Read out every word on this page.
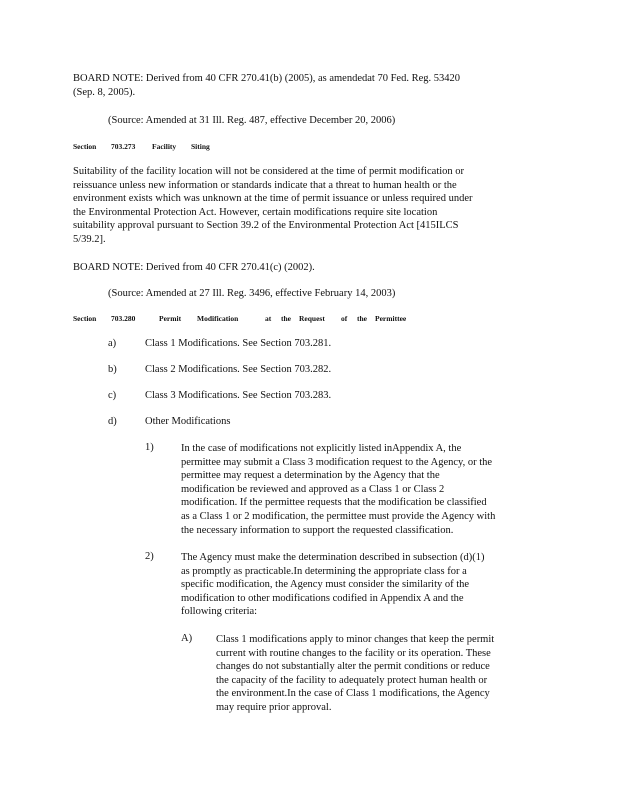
BOARD NOTE: Derived from 40 CFR 270.41(b) (2005), as amendedat 70 Fed. Reg. 53420
(Sep. 8, 2005).
(Source: Amended at 31 Ill. Reg. 487, effective December 20, 2006)
Section 703.273 Facility Siting
Suitability of the facility location will not be considered at the time of permit modification or
reissuance unless new information or standards indicate that a threat to human health or the
environment exists which was unknown at the time of permit issuance or unless required under
the Environmental Protection Act. However, certain modifications require site location
suitability approval pursuant to Section 39.2 of the Environmental Protection Act [415ILCS
5/39.2].
BOARD NOTE: Derived from 40 CFR 270.41(c) (2002).
(Source: Amended at 27 Ill. Reg. 3496, effective February 14, 2003)
Section 703.280	Permit Modification	at the Request of the Permittee
a)	Class 1 Modifications. See Section 703.281.
b)	Class 2 Modifications. See Section 703.282.
c)	Class 3 Modifications. See Section 703.283.
d)	Other Modifications
1)	In the case of modifications not explicitly listed inAppendix A, the
permittee may submit a Class 3 modification request to the Agency, or the
permittee may request a determination by the Agency that the
modification be reviewed and approved as a Class 1 or Class 2
modification. If the permittee requests that the modification be classified
as a Class 1 or 2 modification, the permittee must provide the Agency with
the necessary information to support the requested classification.
2)	The Agency must make the determination described in subsection (d)(1)
as promptly as practicable.In determining the appropriate class for a
specific modification, the Agency must consider the similarity of the
modification to other modifications codified in Appendix A and the
following criteria:
A) Class 1 modifications apply to minor changes that keep the permit
current with routine changes to the facility or its operation. These
changes do not substantially alter the permit conditions or reduce
the capacity of the facility to adequately protect human health or
the environment.In the case of Class 1 modifications, the Agency
may require prior approval.
